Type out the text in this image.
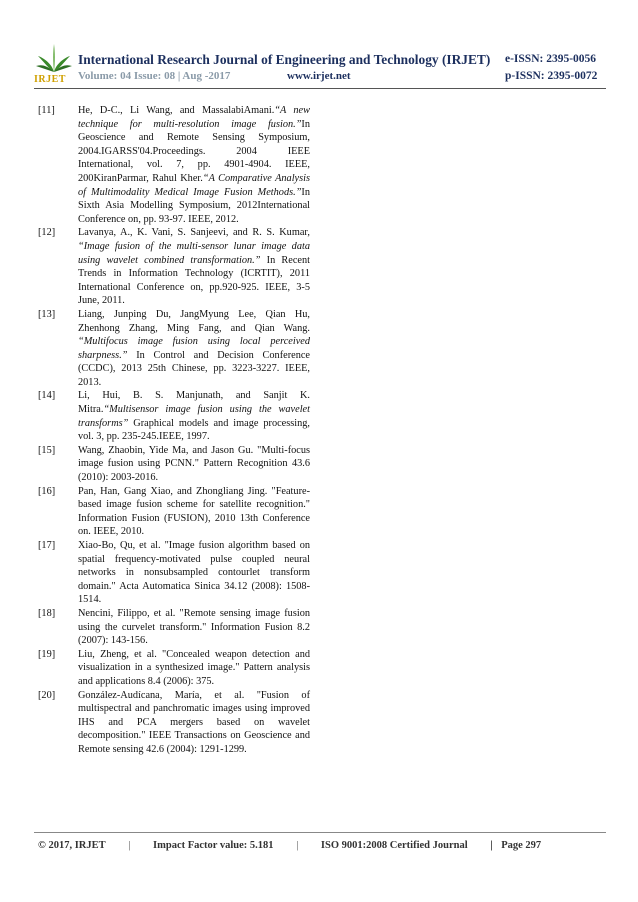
IRJET
International Research Journal of Engineering and Technology (IRJET) e-ISSN: 2395-0056
Volume: 04 Issue: 08 | Aug -2017	www.irjet.net	p-ISSN: 2395-0072
[11] He, D-C., Li Wang, and MassalabiAmani.“A new technique for multi-resolution image fusion.”In Geoscience and Remote Sensing Symposium, 2004.IGARSS'04.Proceedings. 2004 IEEE International, vol. 7, pp. 4901-4904. IEEE, 200KiranParmar, Rahul Kher.“A Comparative Analysis of Multimodality Medical Image Fusion Methods.”In Sixth Asia Modelling Symposium, 2012International Conference on, pp. 93-97. IEEE, 2012.
[12] Lavanya, A., K. Vani, S. Sanjeevi, and R. S. Kumar, “Image fusion of the multi-sensor lunar image data using wavelet combined transformation.” In Recent Trends in Information Technology (ICRTIT), 2011 International Conference on, pp.920-925. IEEE, 3-5 June, 2011.
[13] Liang, Junping Du, JangMyung Lee, Qian Hu, Zhenhong Zhang, Ming Fang, and Qian Wang. “Multifocus image fusion using local perceived sharpness.” In Control and Decision Conference (CCDC), 2013 25th Chinese, pp. 3223-3227. IEEE, 2013.
[14] Li, Hui, B. S. Manjunath, and Sanjit K. Mitra.“Multisensor image fusion using the wavelet transforms” Graphical models and image processing, vol. 3, pp. 235-245.IEEE, 1997.
[15] Wang, Zhaobin, Yide Ma, and Jason Gu. "Multi-focus image fusion using PCNN." Pattern Recognition 43.6 (2010): 2003-2016.
[16] Pan, Han, Gang Xiao, and Zhongliang Jing. "Feature-based image fusion scheme for satellite recognition." Information Fusion (FUSION), 2010 13th Conference on. IEEE, 2010.
[17] Xiao-Bo, Qu, et al. "Image fusion algorithm based on spatial frequency-motivated pulse coupled neural networks in nonsubsampled contourlet transform domain." Acta Automatica Sinica 34.12 (2008): 1508-1514.
[18] Nencini, Filippo, et al. "Remote sensing image fusion using the curvelet transform." Information Fusion 8.2 (2007): 143-156.
[19] Liu, Zheng, et al. "Concealed weapon detection and visualization in a synthesized image." Pattern analysis and applications 8.4 (2006): 375.
[20] González-Audícana, María, et al. "Fusion of multispectral and panchromatic images using improved IHS and PCA mergers based on wavelet decomposition." IEEE Transactions on Geoscience and Remote sensing 42.6 (2004): 1291-1299.
© 2017, IRJET | Impact Factor value: 5.181 | ISO 9001:2008 Certified Journal | Page 297
